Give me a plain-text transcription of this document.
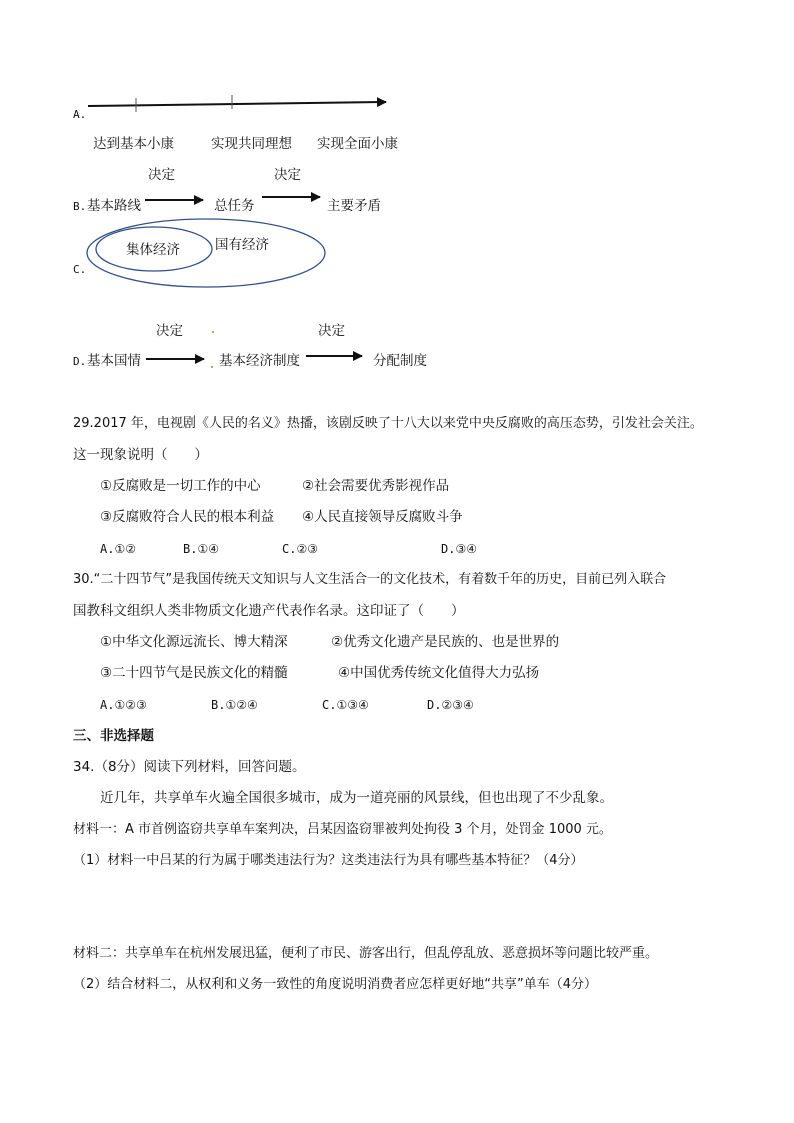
A.
达到基本小康	实现共同理想 实现全面小康
决定	决定
B. 基本路线	总任务	主要矛盾
集体经济	国有经济
C.
决定	决定
D. 基本国情	基本经济制度	分配制度
29.2017 年，电视剧《人民的名义》热播，该剧反映了十八大以来党中央反腐败的高压态势，引发社会关注。
这一现象说明（　　）
①反腐败是一切工作的中心	②社会需要优秀影视作品
③反腐败符合人民的根本利益 ④人民直接领导反腐败斗争
A.①②	B.①④	C.②③	D.③④
30.“二十四节气”是我国传统天文知识与人文生活合一的文化技术，有着数千年的历史，目前已列入联合
国教科文组织人类非物质文化遗产代表作名录。这印证了（　　）
①中华文化源远流长、博大精深	②优秀文化遗产是民族的、也是世界的
③二十四节气是民族文化的精髓	④中国优秀传统文化值得大力弘扬
A.①②③	B.①②④	C.①③④	D.②③④
三、非选择题
34.（8分）阅读下列材料，回答问题。
近几年，共享单车火遍全国很多城市，成为一道亮丽的风景线，但也出现了不少乱象。
材料一：A 市首例盗窃共享单车案判决，吕某因盗窃罪被判处拘役 3 个月，处罚金 1000 元。
（1）材料一中吕某的行为属于哪类违法行为？这类违法行为具有哪些基本特征？（4分）
材料二：共享单车在杭州发展迅猛，便利了市民、游客出行，但乱停乱放、恶意损坏等问题比较严重。
（2）结合材料二，从权利和义务一致性的角度说明消费者应怎样更好地“共享”单车（4分）
